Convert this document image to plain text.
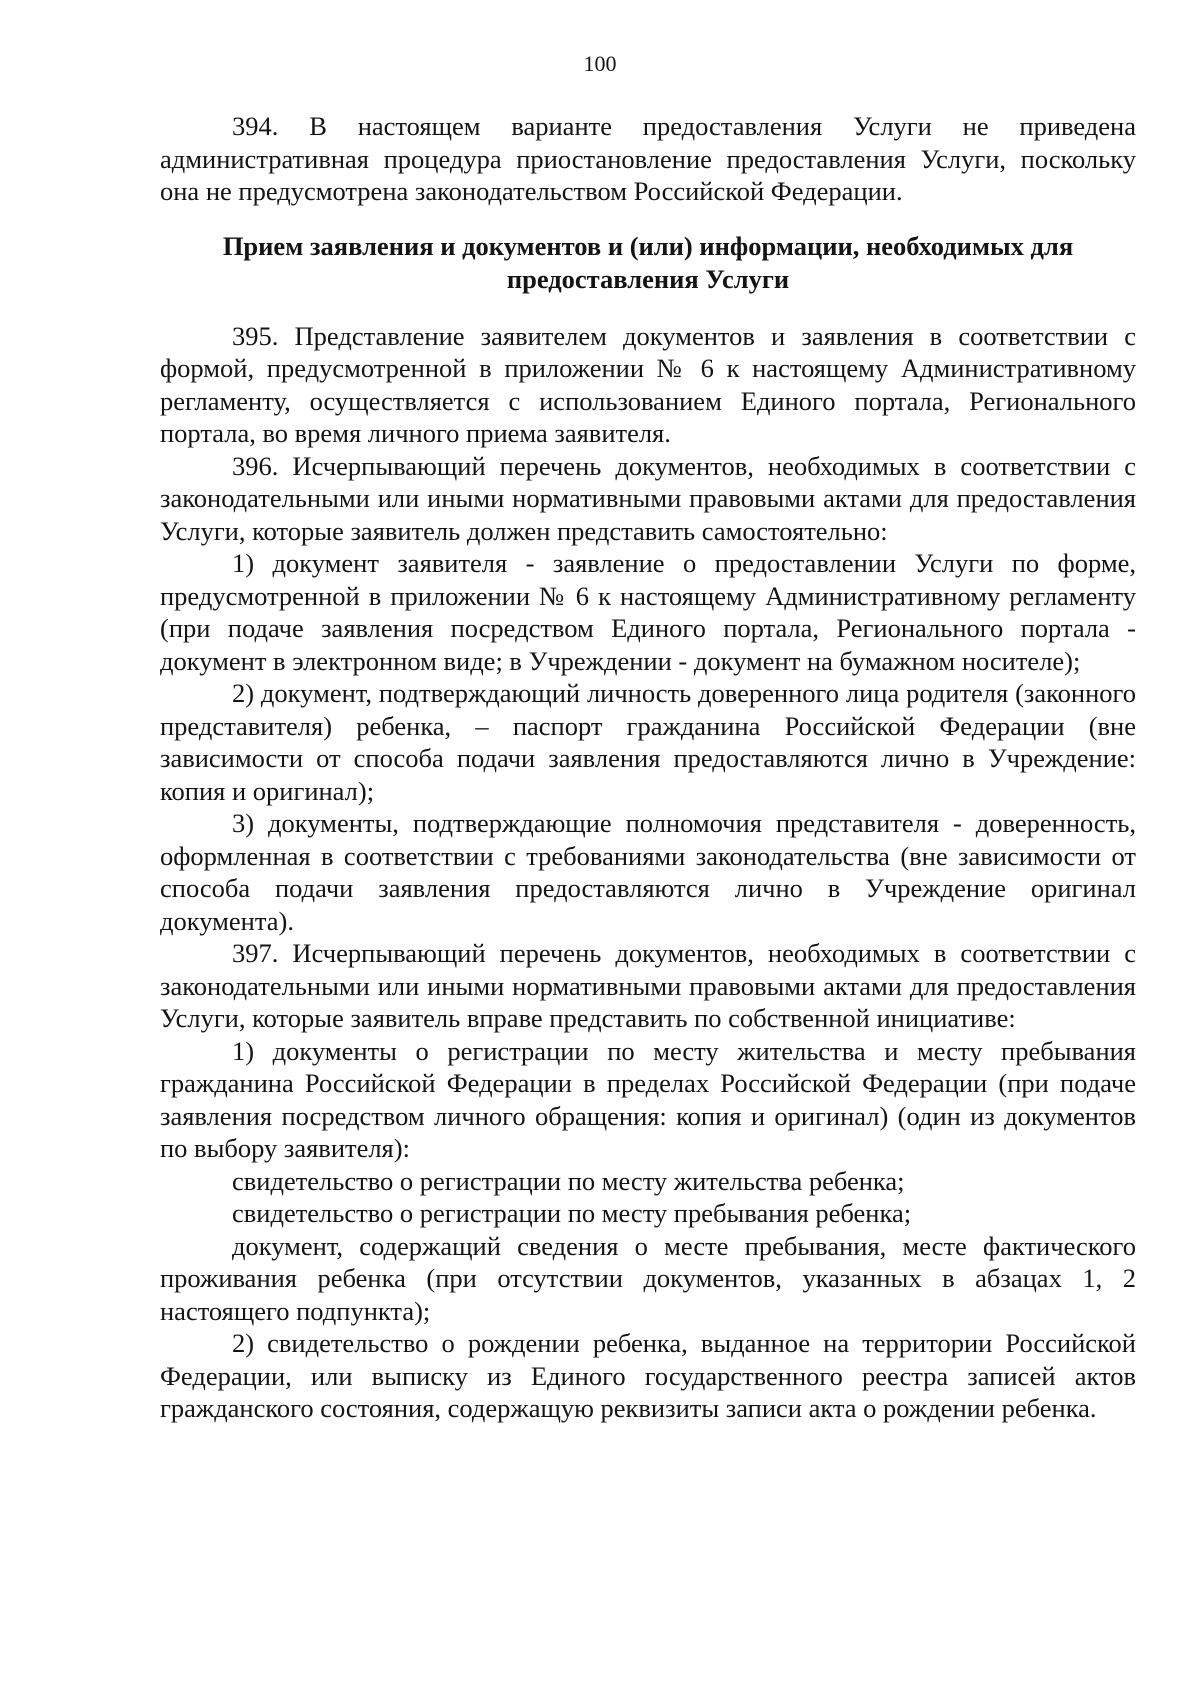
100

394. В настоящем варианте предоставления Услуги не приведена административная процедура приостановление предоставления Услуги, поскольку она не предусмотрена законодательством Российской Федерации.

Прием заявления и документов и (или) информации, необходимых для
предоставления Услуги

395. Представление заявителем документов и заявления в соответствии с формой, предусмотренной в приложении № 6 к настоящему Административному регламенту, осуществляется с использованием Единого портала, Регионального портала, во время личного приема заявителя.

396. Исчерпывающий перечень документов, необходимых в соответствии с законодательными или иными нормативными правовыми актами для предоставления Услуги, которые заявитель должен представить самостоятельно:

1) документ заявителя - заявление о предоставлении Услуги по форме, предусмотренной в приложении № 6 к настоящему Административному регламенту (при подаче заявления посредством Единого портала, Регионального портала - документ в электронном виде; в Учреждении - документ на бумажном носителе);

2) документ, подтверждающий личность доверенного лица родителя (законного представителя) ребенка, – паспорт гражданина Российской Федерации (вне зависимости от способа подачи заявления предоставляются лично в Учреждение: копия и оригинал);

3) документы, подтверждающие полномочия представителя - доверенность, оформленная в соответствии с требованиями законодательства (вне зависимости от способа подачи заявления предоставляются лично в Учреждение оригинал документа).

397. Исчерпывающий перечень документов, необходимых в соответствии с законодательными или иными нормативными правовыми актами для предоставления Услуги, которые заявитель вправе представить по собственной инициативе:

1) документы о регистрации по месту жительства и месту пребывания гражданина Российской Федерации в пределах Российской Федерации (при подаче заявления посредством личного обращения: копия и оригинал) (один из документов по выбору заявителя):

свидетельство о регистрации по месту жительства ребенка;

свидетельство о регистрации по месту пребывания ребенка;

документ, содержащий сведения о месте пребывания, месте фактического проживания ребенка (при отсутствии документов, указанных в абзацах 1, 2 настоящего подпункта);

2) свидетельство о рождении ребенка, выданное на территории Российской Федерации, или выписку из Единого государственного реестра записей актов гражданского состояния, содержащую реквизиты записи акта о рождении ребенка.
